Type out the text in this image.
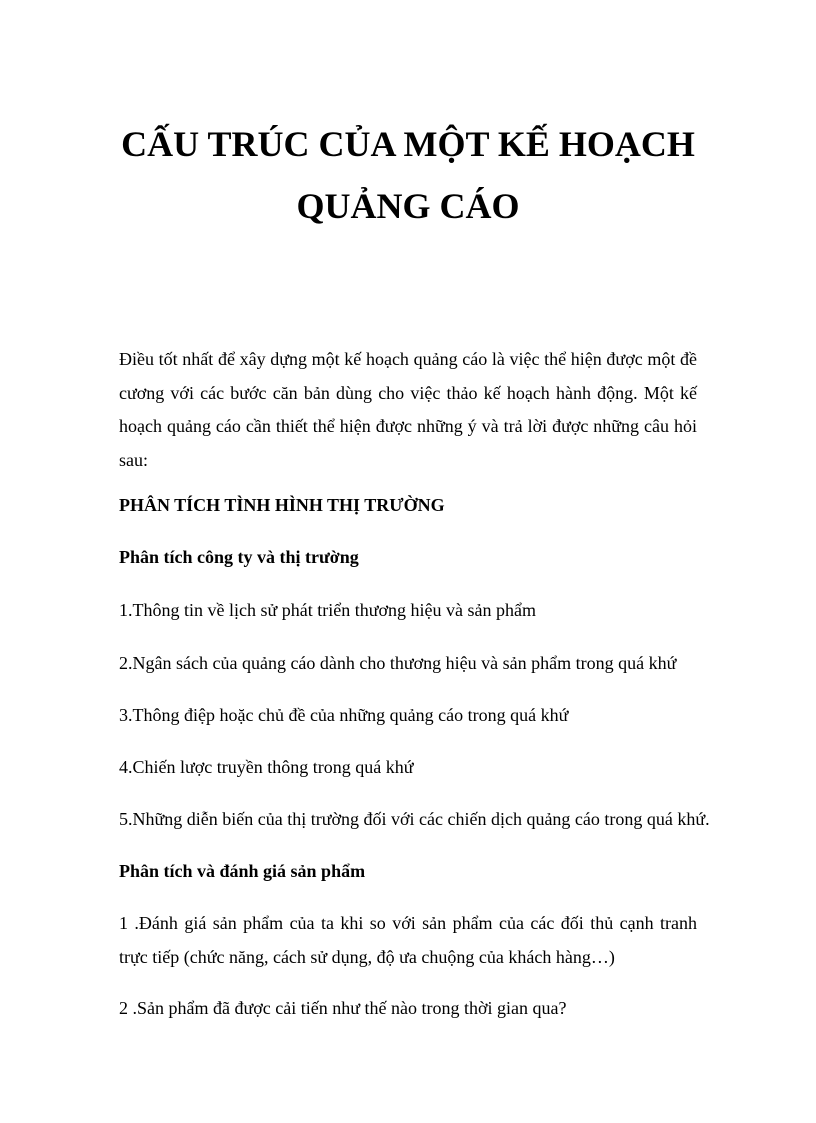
CẤU TRÚC CỦA MỘT KẾ HOẠCH
QUẢNG CÁO

Điều tốt nhất để xây dựng một kế hoạch quảng cáo là việc thể hiện được một đề cương với các bước căn bản dùng cho việc thảo kế hoạch hành động. Một kế hoạch quảng cáo cần thiết thể hiện được những ý và trả lời được những câu hỏi sau:

PHÂN TÍCH TÌNH HÌNH THỊ TRƯỜNG

Phân tích công ty và thị trường

1.Thông tin về lịch sử phát triển thương hiệu và sản phẩm

2.Ngân sách của quảng cáo dành cho thương hiệu và sản phẩm trong quá khứ

3.Thông điệp hoặc chủ đề của những quảng cáo trong quá khứ

4.Chiến lược truyền thông trong quá khứ

5.Những diễn biến của thị trường đối với các chiến dịch quảng cáo trong quá khứ.

Phân tích và đánh giá sản phẩm

1 .Đánh giá sản phẩm của ta khi so với sản phẩm của các đối thủ cạnh tranh trực tiếp (chức năng, cách sử dụng, độ ưa chuộng của khách hàng…)

2 .Sản phẩm đã được cải tiến như thế nào trong thời gian qua?
